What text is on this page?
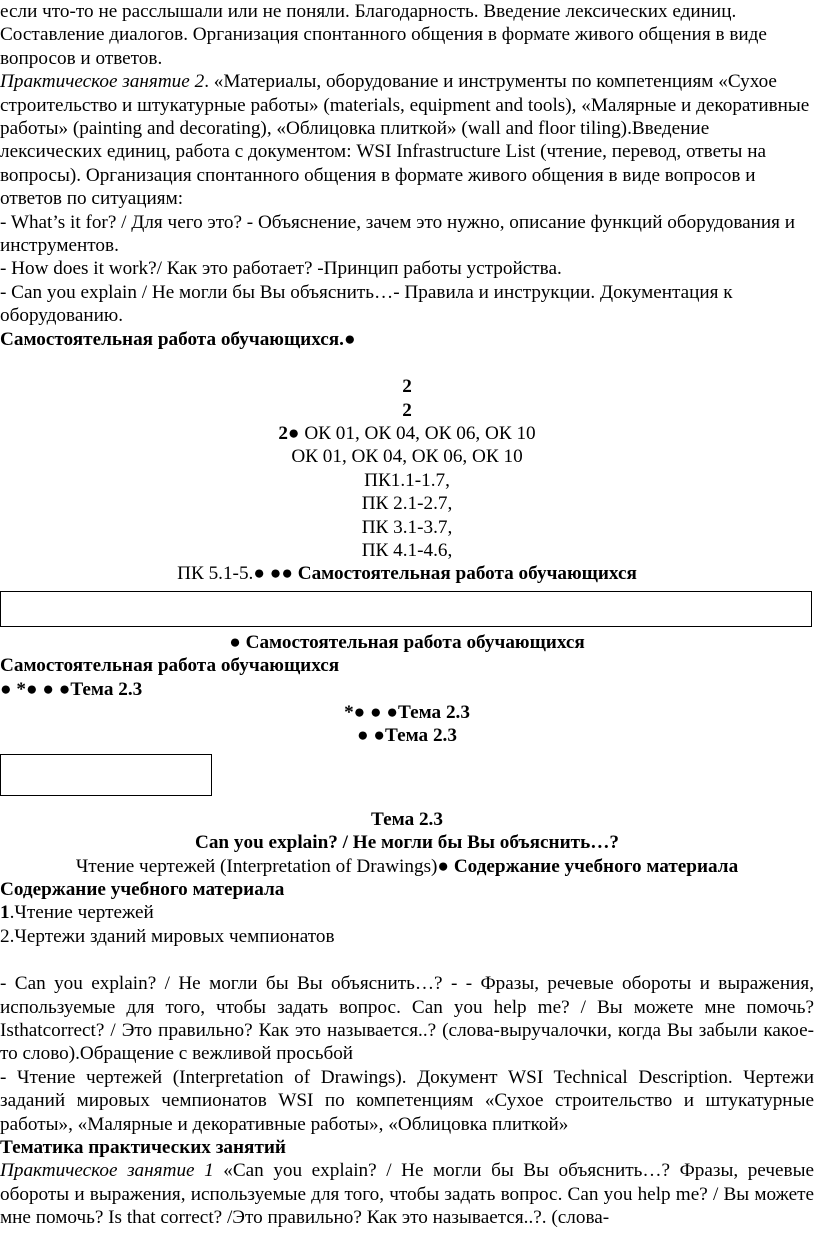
если что-то не расслышали или не поняли. Благодарность. Введение лексических единиц. Составление диалогов. Организация спонтанного общения в формате живого общения в виде вопросов и ответов.

Практическое занятие 2. «Материалы, оборудование и инструменты по компетенциям «Сухое строительство и штукатурные работы» (materials, equipment and tools), «Малярные и декоративные работы» (painting and decorating), «Облицовка плиткой» (wall and floor tiling).Введение лексических единиц, работа с документом: WSI Infrastructure List (чтение, перевод, ответы на вопросы). Организация спонтанного общения в формате живого общения в виде вопросов и ответов по ситуациям:

- What’s it for? / Для чего это? - Объяснение, зачем это нужно, описание функций оборудования и инструментов.

- How does it work?/ Как это работает? -Принцип работы устройства.

- Can you explain / Не могли бы Вы объяснить…- Правила и инструкции. Документация к оборудованию.

Самостоятельная работа обучающихся.●

2

2

2● ОК 01, ОК 04, ОК 06, ОК 10

ОК 01, ОК 04, ОК 06, ОК 10

ПК1.1-1.7,

ПК 2.1-2.7,

ПК 3.1-3.7,

ПК 4.1-4.6,

ПК 5.1-5.● ●● Самостоятельная работа обучающихся

● Самостоятельная работа обучающихся

Самостоятельная работа обучающихся

● *● ● ●Тема 2.3

*● ● ●Тема 2.3

● ●Тема 2.3

Тема 2.3

Can you explain? / Не могли бы Вы объяснить…?

Чтение чертежей (Interpretation of Drawings)● Содержание учебного материала

Содержание учебного материала

1.Чтение чертежей

2.Чертежи зданий мировых чемпионатов

- Can you explain? / Не могли бы Вы объяснить…? - - Фразы, речевые обороты и выражения, используемые для того, чтобы задать вопрос. Can you help me? / Вы можете мне помочь? Isthatcorrect? / Это правильно? Как это называется..? (слова-выручалочки, когда Вы забыли какое-то слово).Обращение с вежливой просьбой

- Чтение чертежей (Interpretation of Drawings). Документ WSI Technical Description. Чертежи заданий мировых чемпионатов WSI по компетенциям «Сухое строительство и штукатурные работы», «Малярные и декоративные работы», «Облицовка плиткой»

Тематика практических занятий

Практическое занятие 1 «Can you explain? / Не могли бы Вы объяснить…? Фразы, речевые обороты и выражения, используемые для того, чтобы задать вопрос. Can you help me? / Вы можете мне помочь? Is that correct? /Это правильно? Как это называется..?. (слова-
